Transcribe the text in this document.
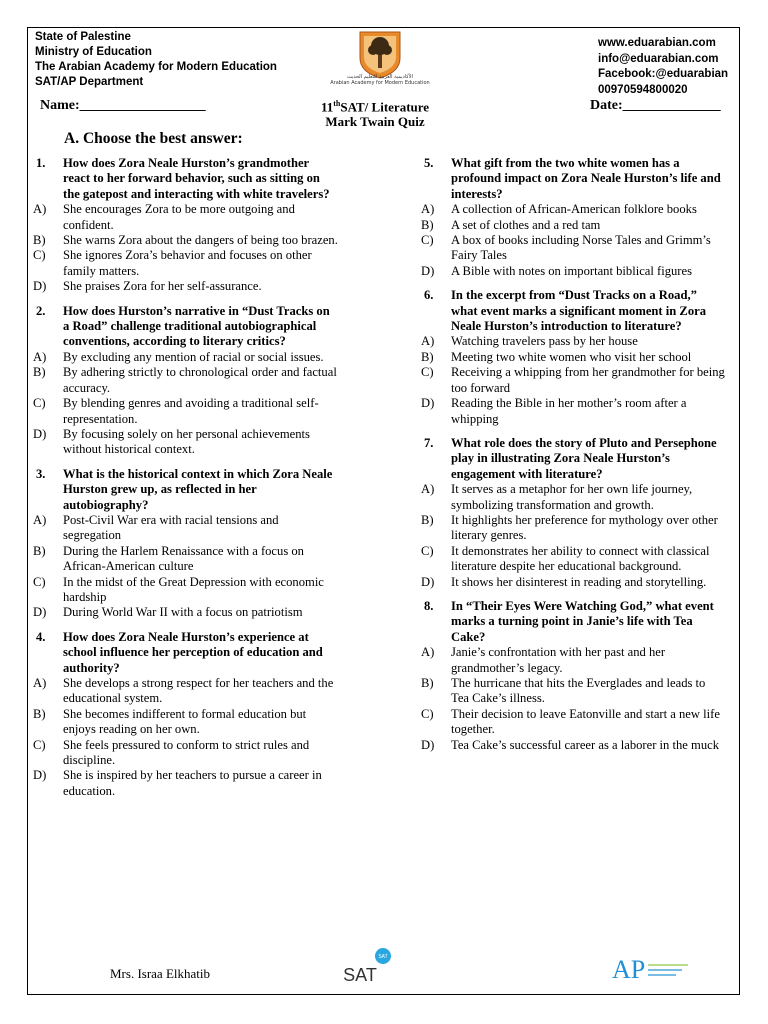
State of Palestine
Ministry of Education
The Arabian Academy for Modern Education
SAT/AP Department	الأكاديمية العربية للتعليم الحديث
Arabian Academy for Modern Education
www.eduarabian.com
info@eduarabian.com
Facebook:@eduarabian
00970594800020
Name:__________________	11thSAT/ Literature
Mark Twain Quiz
Date:______________
A. Choose the best answer:
1.	How does Zora Neale Hurston’s grandmother react to her forward behavior, such as sitting on the gatepost and interacting with white travelers?
A)	She encourages Zora to be more outgoing and confident.
B)	She warns Zora about the dangers of being too brazen.
C)	She ignores Zora’s behavior and focuses on other family matters.
D)	She praises Zora for her self-assurance.
2.	How does Hurston’s narrative in “Dust Tracks on a Road” challenge traditional autobiographical conventions, according to literary critics?
A)	By excluding any mention of racial or social issues.
B)	By adhering strictly to chronological order and factual accuracy.
C)	By blending genres and avoiding a traditional self-representation.
D)	By focusing solely on her personal achievements without historical context.
3.	What is the historical context in which Zora Neale Hurston grew up, as reflected in her autobiography?
A)	Post-Civil War era with racial tensions and segregation
B)	During the Harlem Renaissance with a focus on African-American culture
C)	In the midst of the Great Depression with economic hardship
D)	During World War II with a focus on patriotism
4.	How does Zora Neale Hurston’s experience at school influence her perception of education and authority?
A)	She develops a strong respect for her teachers and the educational system.
B)	She becomes indifferent to formal education but enjoys reading on her own.
C)	She feels pressured to conform to strict rules and discipline.
D)	She is inspired by her teachers to pursue a career in education.
5.	What gift from the two white women has a profound impact on Zora Neale Hurston’s life and interests?
A)	A collection of African-American folklore books
B)	A set of clothes and a red tam
C)	A box of books including Norse Tales and Grimm’s Fairy Tales
D)	A Bible with notes on important biblical figures
6.	In the excerpt from “Dust Tracks on a Road,” what event marks a significant moment in Zora Neale Hurston’s introduction to literature?
A)	Watching travelers pass by her house
B)	Meeting two white women who visit her school
C)	Receiving a whipping from her grandmother for being too forward
D)	Reading the Bible in her mother’s room after a whipping
7.	What role does the story of Pluto and Persephone play in illustrating Zora Neale Hurston’s engagement with literature?
A)	It serves as a metaphor for her own life journey, symbolizing transformation and growth.
B)	It highlights her preference for mythology over other literary genres.
C)	It demonstrates her ability to connect with classical literature despite her educational background.
D)	It shows her disinterest in reading and storytelling.
8.	In “Their Eyes Were Watching God,” what event marks a turning point in Janie’s life with Tea Cake?
A)	Janie’s confrontation with her past and her grandmother’s legacy.
B)	The hurricane that hits the Everglades and leads to Tea Cake’s illness.
C)	Their decision to leave Eatonville and start a new life together.
D)	Tea Cake’s successful career as a laborer in the muck
Mrs. Israa Elkhatib
SAT
SAT	AP
